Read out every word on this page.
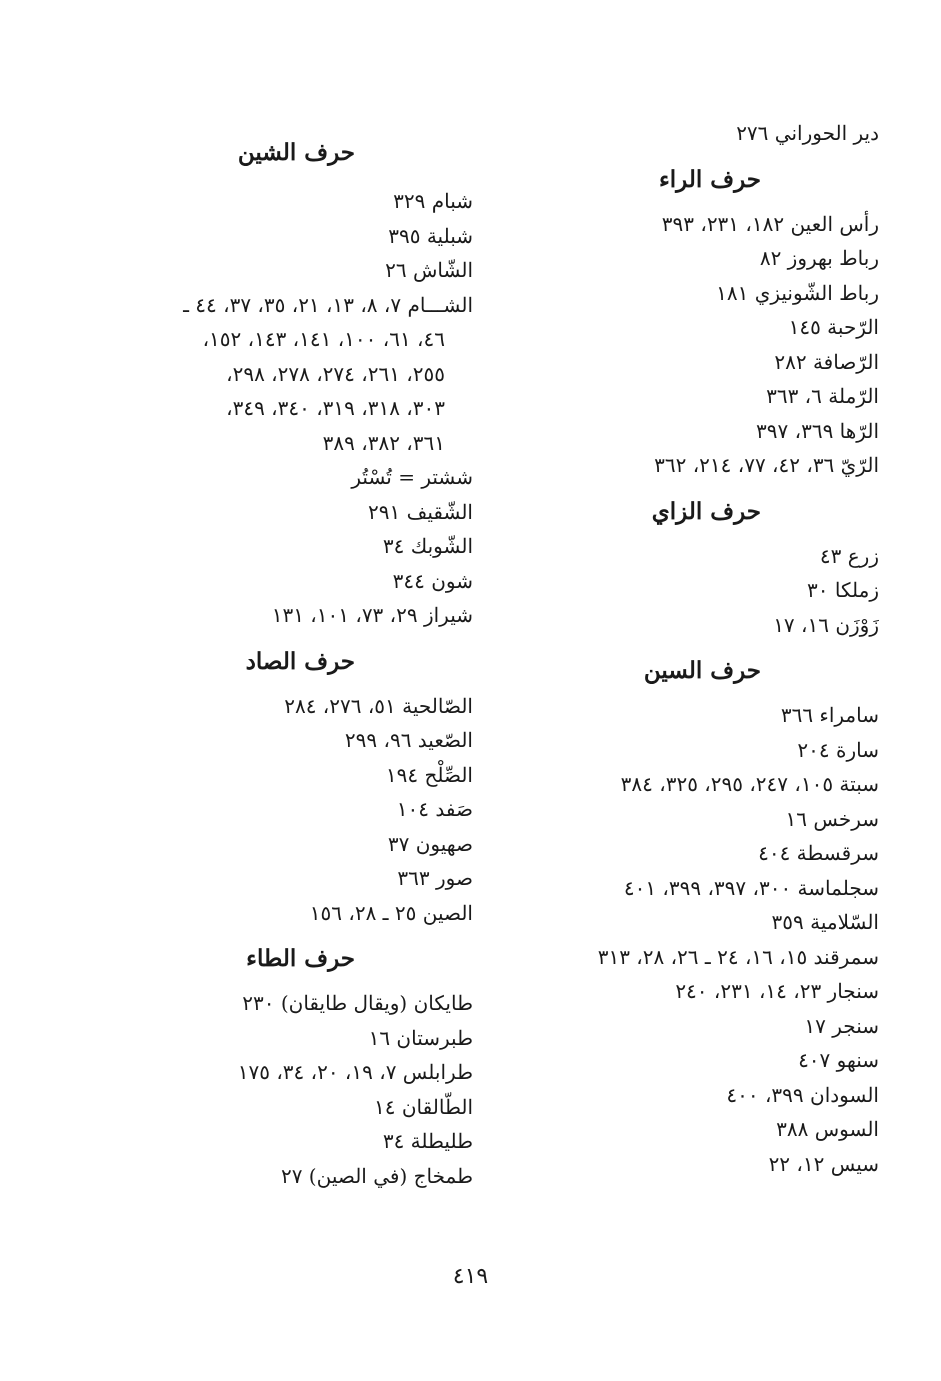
دير الحوراني ٢٧٦
حرف الراء
رأس العين ١٨٢، ٢٣١، ٣٩٣
رباط بهروز ٨٢
رباط الشّونيزي ١٨١
الرّحبة ١٤٥
الرّصافة ٢٨٢
الرّملة ٦، ٣٦٣
الرّها ٣٦٩، ٣٩٧
الرّيّ ٣٦، ٤٢، ٧٧، ٢١٤، ٣٦٢
حرف الزاي
زرع ٤٣
زملكا ٣٠
زَوْزَن ١٦، ١٧
حرف السين
سامراء ٣٦٦
سارة ٢٠٤
سبتة ١٠٥، ٢٤٧، ٢٩٥، ٣٢٥، ٣٨٤
سرخس ١٦
سرقسطة ٤٠٤
سجلماسة ٣٠٠، ٣٩٧، ٣٩٩، ٤٠١
السّلامية ٣٥٩
سمرقند ١٥، ١٦، ٢٤ ـ ٢٦، ٢٨، ٣١٣
سنجار ٢٣، ١٤، ٢٣١، ٢٤٠
سنجر ١٧
سنهو ٤٠٧
السودان ٣٩٩، ٤٠٠
السوس ٣٨٨
سيس ١٢، ٢٢
حرف الشين
شبام ٣٢٩
شبلية ٣٩٥
الشّاش ٢٦
الشـــام ٧، ٨، ١٣، ٢١، ٣٥، ٣٧، ٤٤ ـ
٤٦، ٦١، ١٠٠، ١٤١، ١٤٣، ١٥٢،
٢٥٥، ٢٦١، ٢٧٤، ٢٧٨، ٢٩٨،
٣٠٣، ٣١٨، ٣١٩، ٣٤٠، ٣٤٩،
٣٦١، ٣٨٢، ٣٨٩
ششتر = تُسْتُر
الشّقيف ٢٩١
الشّوبك ٣٤
شون ٣٤٤
شيراز ٢٩، ٧٣، ١٠١، ١٣١
حرف الصاد
الصّالحية ٥١، ٢٧٦، ٢٨٤
الصّعيد ٩٦، ٢٩٩
الصِّلْح ١٩٤
صَفد ١٠٤
صهيون ٣٧
صور ٣٦٣
الصين ٢٥ ـ ٢٨، ١٥٦
حرف الطاء
طايكان (ويقال طايقان) ٢٣٠
طبرستان ١٦
طرابلس ٧، ١٩، ٢٠، ٣٤، ١٧٥
الطّالقان ١٤
طليطلة ٣٤
طمخاج (في الصين) ٢٧
٤١٩
